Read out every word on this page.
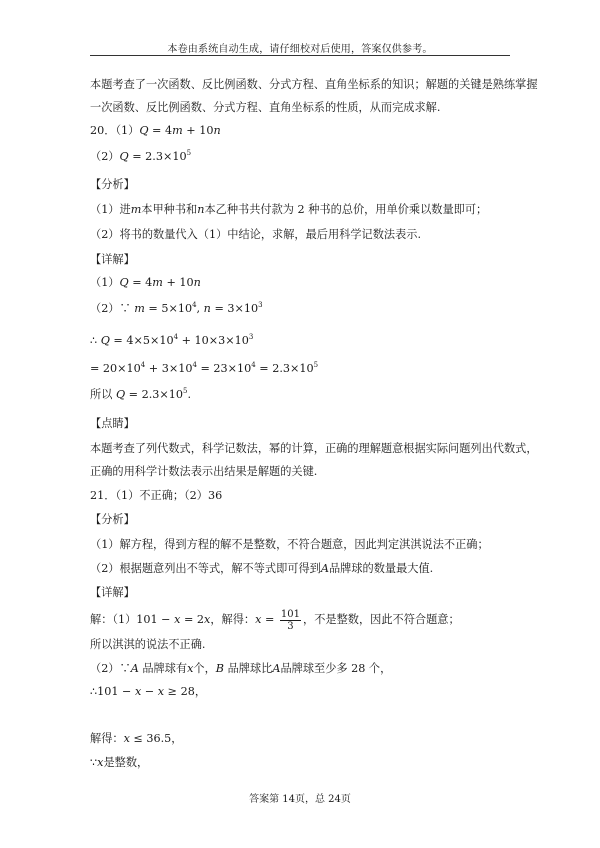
本卷由系统自动生成，请仔细校对后使用，答案仅供参考。
本题考查了一次函数、反比例函数、分式方程、直角坐标系的知识；解题的关键是熟练掌握
一次函数、反比例函数、分式方程、直角坐标系的性质，从而完成求解.
20．（1）Q = 4m + 10n
$(2)Q = 2.3\times 10^5$
【分析】
（1）进m本甲种书和n本乙种书共付款为 2 种书的总价，用单价乘以数量即可；
（2）将书的数量代入（1）中结论，求解，最后用科学记数法表示.
【详解】
（1）Q = 4m + 10n
（2）∵ $m = 5\times 10^4$, $n = 3\times 10^3$
∴ $Q = 4\times 5\times 10^4 + 10\times 3\times 10^3$
= $20\times 10^4 + 3\times 10^4 = 23\times 10^4 = 2.3\times 10^5$
所以 $Q = 2.3\times 10^5$.
【点睛】
本题考查了列代数式，科学记数法，幂的计算，正确的理解题意根据实际问题列出代数式，
正确的用科学计数法表示出结果是解题的关键.
21．（1）不正确；（2）36
【分析】
（1）解方程，得到方程的解不是整数，不符合题意，因此判定淇淇说法不正确；
（2）根据题意列出不等式，解不等式即可得到A品牌球的数量最大值.
【详解】
解：（1）101 − x = 2x，解得：$x = \frac{101}{3}$ ，不是整数，因此不符合题意；
所以淇淇的说法不正确.
（2）∵A 品牌球有x个，B 品牌球比A品牌球至少多 28 个，
∴101 − x − x ≥ 28，
解得：x ≤ 36.5，
∵x是整数，
答案第 14页，总 24页
